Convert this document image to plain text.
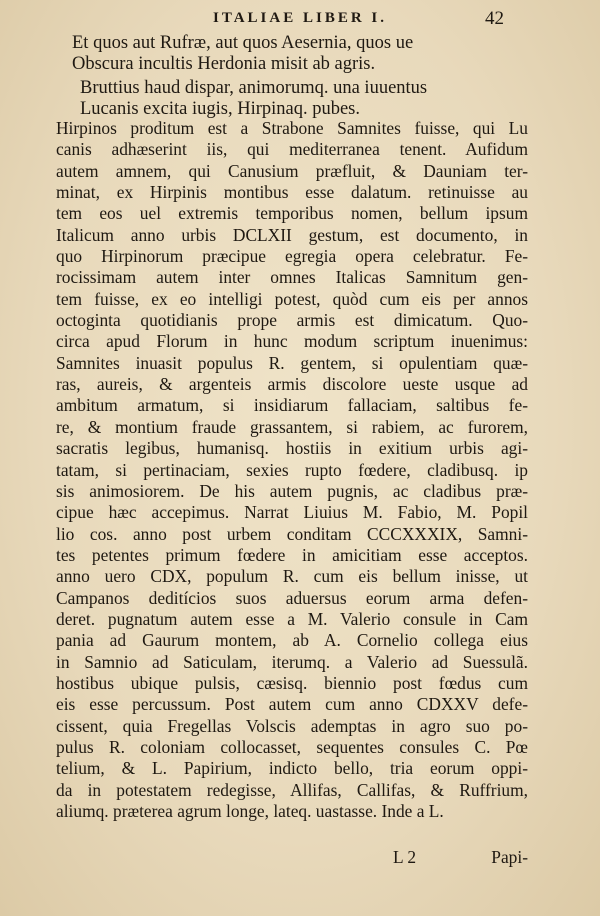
ITALIAE LIBER I.	42
Et quos aut Rufræ, aut quos Aesernia, quos ue
Obscura incultis Herdonia misit ab agris.
Bruttius haud dispar, animorumq. una iuuentus
Lucanis excita iugis, Hirpinaq. pubes.
Hirpinos proditum est a Strabone Samnites fuisse, qui Lu
canis adhæserint iis, qui mediterranea tenent. Aufidum
autem amnem, qui Canusium præfluit, & Dauniam ter-
minat, ex Hirpinis montibus esse dalatum. retinuisse au
tem eos uel extremis temporibus nomen, bellum ipsum
Italicum anno urbis DCLXII gestum, est documento, in
quo Hirpinorum præcipue egregia opera celebratur. Fe-
rocissimam autem inter omnes Italicas Samnitum gen-
tem fuisse, ex eo intelligi potest, quòd cum eis per annos
octoginta quotidianis prope armis est dimicatum. Quo-
circa apud Florum in hunc modum scriptum inuenimus:
Samnites inuasit populus R. gentem, si opulentiam quæ-
ras, aureis, & argenteis armis discolore ueste usque ad
ambitum armatum, si insidiarum fallaciam, saltibus fe-
re, & montium fraude grassantem, si rabiem, ac furorem,
sacratis legibus, humanisq. hostiis in exitium urbis agi-
tatam, si pertinaciam, sexies rupto fœdere, cladibusq. ip
sis animosiorem. De his autem pugnis, ac cladibus præ-
cipue hæc accepimus. Narrat Liuius M. Fabio, M. Popil
lio cos. anno post urbem conditam CCCXXXIX, Samni-
tes petentes primum fœdere in amicitiam esse acceptos.
anno uero CDX, populum R. cum eis bellum inisse, ut
Campanos deditícios suos aduersus eorum arma defen-
deret. pugnatum autem esse a M. Valerio consule in Cam
pania ad Gaurum montem, ab A. Cornelio collega eius
in Samnio ad Saticulam, iterumq. a Valerio ad Suessulã.
hostibus ubique pulsis, cæsisq. biennio post fœdus cum
eis esse percussum. Post autem cum anno CDXXV defe-
cissent, quia Fregellas Volscis ademptas in agro suo po-
pulus R. coloniam collocasset, sequentes consules C. Pœ
telium, & L. Papirium, indicto bello, tria eorum oppi-
da in potestatem redegisse, Allifas, Callifas, & Ruffrium,
aliumq. præterea agrum longe, lateq. uastasse. Inde a L.
L 2	Papi-
